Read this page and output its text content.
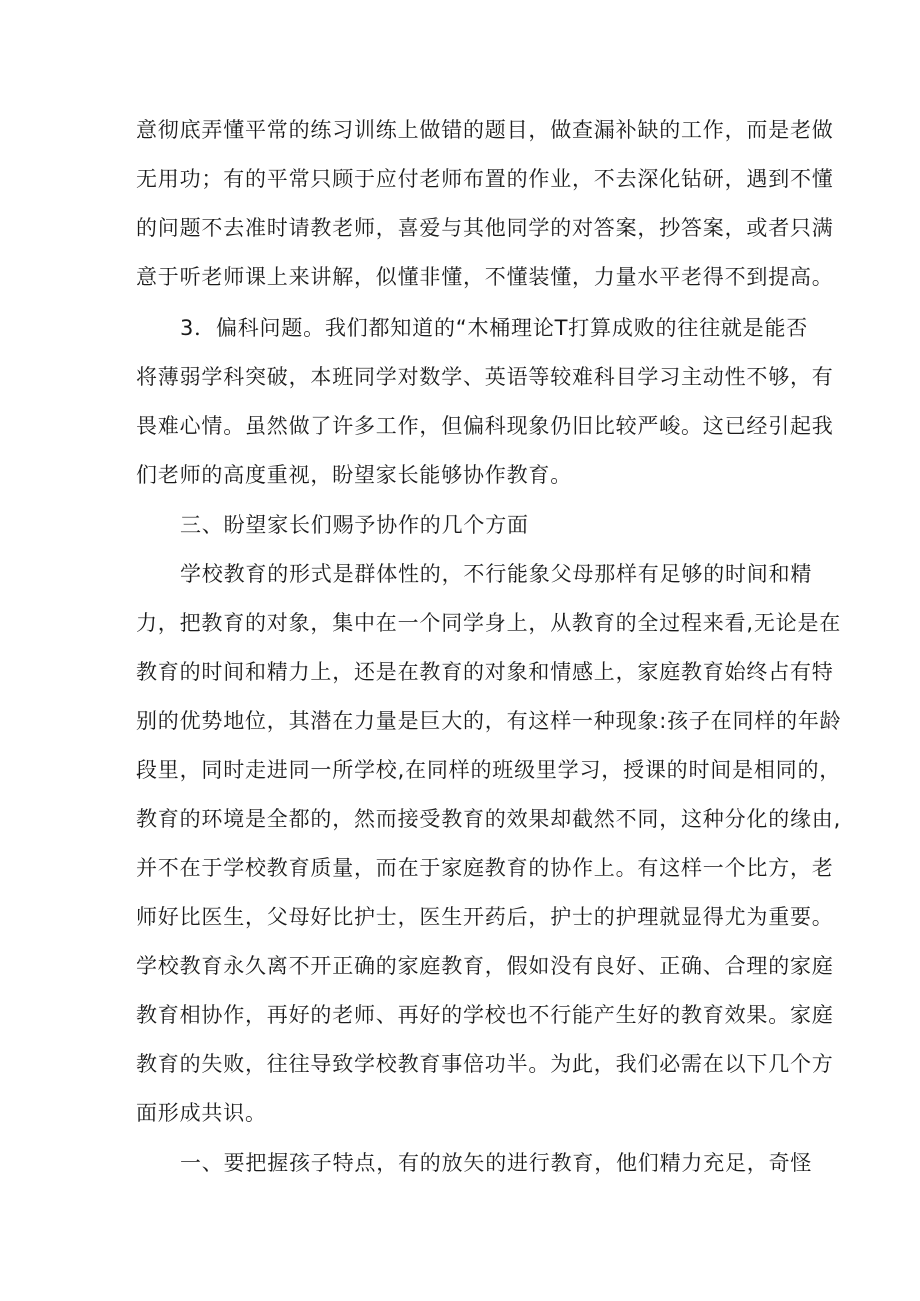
意彻底弄懂平常的练习训练上做错的题目，做查漏补缺的工作，而是老做

无用功；有的平常只顾于应付老师布置的作业，不去深化钻研，遇到不懂

的问题不去准时请教老师，喜爱与其他同学的对答案，抄答案，或者只满

意于听老师课上来讲解，似懂非懂，不懂装懂，力量水平老得不到提高。

3．偏科问题。我们都知道的“木桶理论T打算成败的往往就是能否

将薄弱学科突破，本班同学对数学、英语等较难科目学习主动性不够，有

畏难心情。虽然做了许多工作，但偏科现象仍旧比较严峻。这已经引起我

们老师的高度重视，盼望家长能够协作教育。

三、盼望家长们赐予协作的几个方面

学校教育的形式是群体性的，不行能象父母那样有足够的时间和精

力，把教育的对象，集中在一个同学身上，从教育的全过程来看,无论是在

教育的时间和精力上，还是在教育的对象和情感上，家庭教育始终占有特

别的优势地位，其潜在力量是巨大的，有这样一种现象:孩子在同样的年龄

段里，同时走进同一所学校,在同样的班级里学习，授课的时间是相同的，

教育的环境是全都的，然而接受教育的效果却截然不同，这种分化的缘由,

并不在于学校教育质量，而在于家庭教育的协作上。有这样一个比方，老

师好比医生，父母好比护士，医生开药后，护士的护理就显得尤为重要。

学校教育永久离不开正确的家庭教育，假如没有良好、正确、合理的家庭

教育相协作，再好的老师、再好的学校也不行能产生好的教育效果。家庭

教育的失败，往往导致学校教育事倍功半。为此，我们必需在以下几个方

面形成共识。

一、要把握孩子特点，有的放矢的进行教育，他们精力充足，奇怪
